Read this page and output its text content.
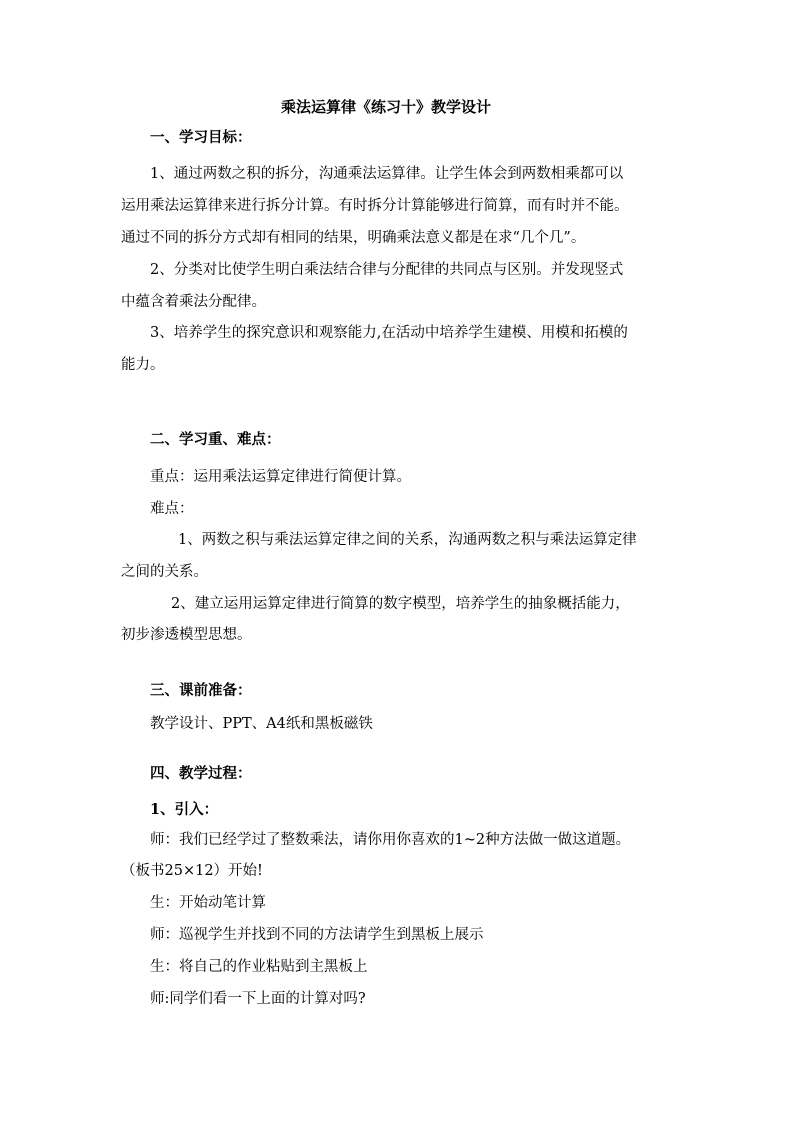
乘法运算律《练习十》教学设计
一、学习目标：
1、通过两数之积的拆分，沟通乘法运算律。让学生体会到两数相乘都可以
运用乘法运算律来进行拆分计算。有时拆分计算能够进行简算，而有时并不能。
通过不同的拆分方式却有相同的结果，明确乘法意义都是在求“几个几”。
2、分类对比使学生明白乘法结合律与分配律的共同点与区别。并发现竖式
中蕴含着乘法分配律。
3、培养学生的探究意识和观察能力,在活动中培养学生建模、用模和拓模的
能力。
二、学习重、难点：
重点：运用乘法运算定律进行简便计算。
难点：
1、两数之积与乘法运算定律之间的关系，沟通两数之积与乘法运算定律
之间的关系。
2、建立运用运算定律进行简算的数字模型，培养学生的抽象概括能力，
初步渗透模型思想。
三、课前准备：
教学设计、PPT、A4纸和黑板磁铁
四、教学过程：
1、引入：
师：我们已经学过了整数乘法，请你用你喜欢的1~2种方法做一做这道题。
（板书25×12）开始!
生：开始动笔计算
师：巡视学生并找到不同的方法请学生到黑板上展示
生：将自己的作业粘贴到主黑板上
师:同学们看一下上面的计算对吗?
